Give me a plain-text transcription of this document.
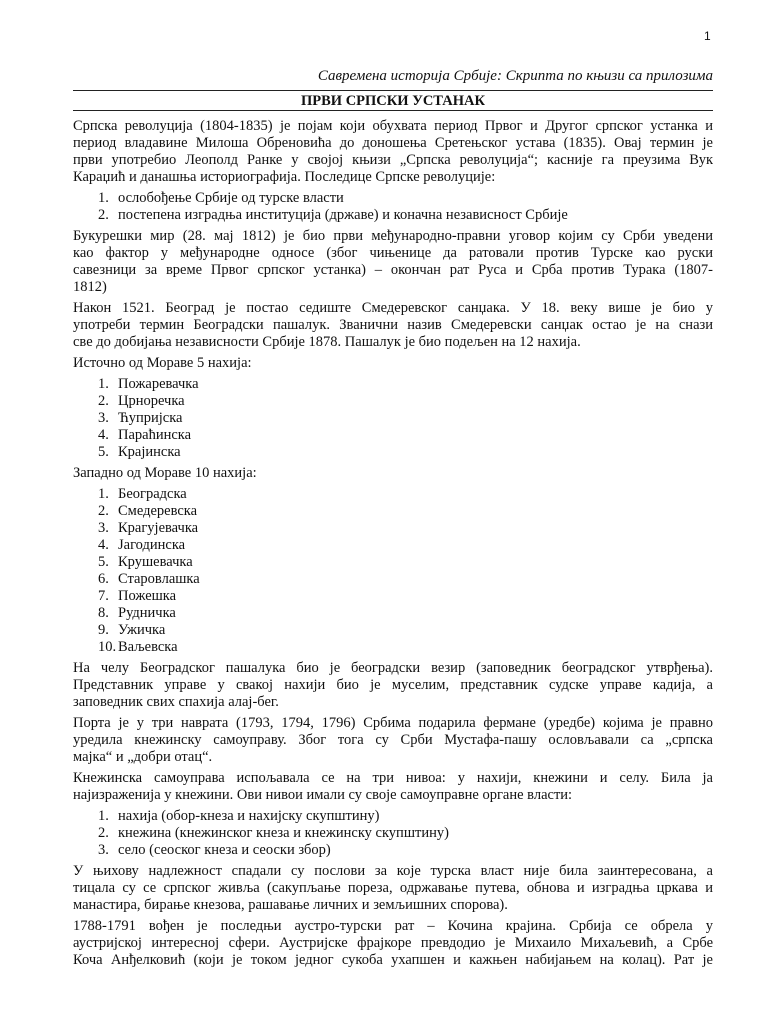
1
Савремена историја Србије: Скрипта по књизи са прилозима
ПРВИ СРПСКИ УСТАНАК
Српска револуција (1804-1835) је појам који обухвата период Првог и Другог српског устанка и
период владавине Милоша Обреновића до доношења Сретењског устава (1835). Овај термин је
први употребио Леополд Ранке у својој књизи „Српска револуција“; касније га преузима Вук
Караџић и данашња историографија. Последице Српске револуције:
1. ослобођење Србије од турске власти
2. постепена изградња институција (државе) и коначна независност Србије
Букурешки мир (28. мај 1812) је био први међународно-правни уговор којим су Срби уведени
као фактор у међународне односе (због чињенице да ратовали против Турске као руски
савезници за време Првог српског устанка) – окончан рат Руса и Срба против Турака (1807-
1812)
Након 1521. Београд је постао седиште Смедеревског санџака. У 18. веку више је био у
употреби термин Београдски пашалук. Званични назив Смедеревски санџак остао је на снази
све до добијања независности Србије 1878. Пашалук је био подељен на 12 нахија.
Источно од Мораве 5 нахија:
1. Пожаревачка
2. Црноречка
3. Ћупријска
4. Параћинска
5. Крајинска
Западно од Мораве 10 нахија:
1. Београдска
2. Смедеревска
3. Крагујевачка
4. Јагодинска
5. Крушевачка
6. Старовлашка
7. Пожешка
8. Рудничка
9. Ужичка
10. Ваљевска
На челу Београдског пашалука био је београдски везир (заповедник београдског утврђења).
Представник управе у свакој нахији био је муселим, представник судске управе кадија, а
заповедник свих спахија алај-бег.
Порта је у три наврата (1793, 1794, 1796) Србима подарила фермане (уредбе) којима је правно
уредила кнежинску самоуправу. Због тога су Срби Мустафа-пашу ословљавали са „српска
мајка“ и „добри отац“.
Кнежинска самоуправа испољавала се на три нивоа: у нахији, кнежини и селу. Била ја
најизраженија у кнежини. Ови нивои имали су своје самоуправне органе власти:
1. нахија (обор-кнеза и нахијску скупштину)
2. кнежина (кнежинског кнеза и кнежинску скупштину)
3. село (сеоског кнеза и сеоски збор)
У њихову надлежност спадали су послови за које турска власт није била заинтересована, а
тицала су се српског живља (сакупљање пореза, одржавање путева, обнова и изградња цркава и
манастира, бирање кнезова, рашавање личних и земљишних спорова).
1788-1791 вођен је последњи аустро-турски рат – Кочина крајина. Србија се обрела у
аустријској интересној сфери. Аустријске фрајкоре превдодио је Михаило Михаљевић, а Србе
Коча Анђелковић (који је током једног сукоба ухапшен и кажњен набијањем на колац). Рат је
